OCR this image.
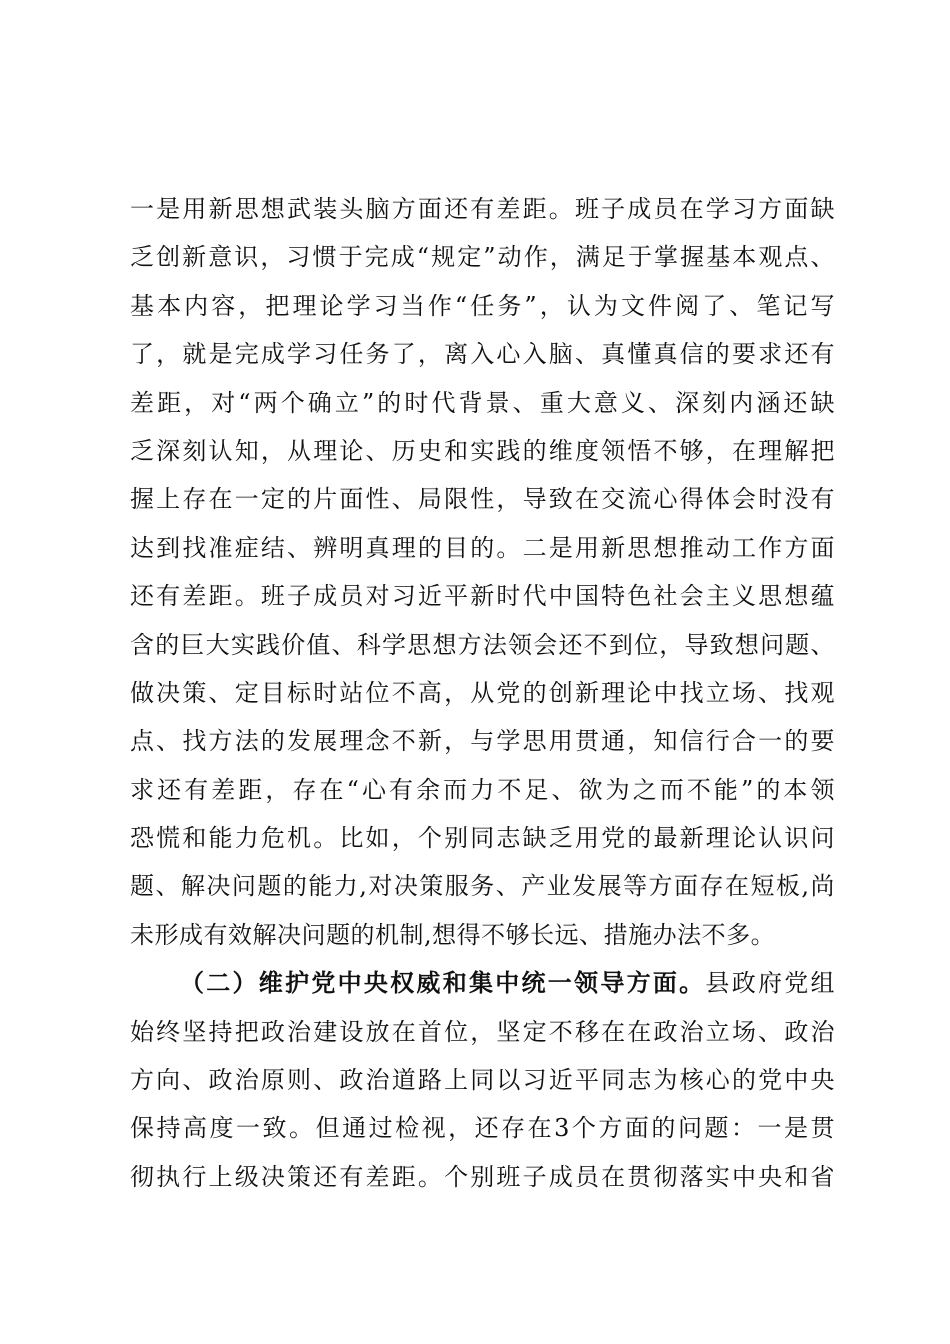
一是用新思想武装头脑方面还有差距。班子成员在学习方面缺
乏创新意识，习惯于完成“规定”动作，满足于掌握基本观点、
基本内容，把理论学习当作“任务”，认为文件阅了、笔记写
了，就是完成学习任务了，离入心入脑、真懂真信的要求还有
差距，对“两个确立”的时代背景、重大意义、深刻内涵还缺
乏深刻认知，从理论、历史和实践的维度领悟不够，在理解把
握上存在一定的片面性、局限性，导致在交流心得体会时没有
达到找准症结、辨明真理的目的。二是用新思想推动工作方面
还有差距。班子成员对习近平新时代中国特色社会主义思想蕴
含的巨大实践价值、科学思想方法领会还不到位，导致想问题、
做决策、定目标时站位不高，从党的创新理论中找立场、找观
点、找方法的发展理念不新，与学思用贯通，知信行合一的要
求还有差距，存在“心有余而力不足、欲为之而不能”的本领
恐慌和能力危机。比如，个别同志缺乏用党的最新理论认识问
题、解决问题的能力,对决策服务、产业发展等方面存在短板,尚
未形成有效解决问题的机制,想得不够长远、措施办法不多。
（二）维护党中央权威和集中统一领导方面。县政府党组
始终坚持把政治建设放在首位，坚定不移在在政治立场、政治
方向、政治原则、政治道路上同以习近平同志为核心的党中央
保持高度一致。但通过检视，还存在3个方面的问题：一是贯
彻执行上级决策还有差距。个别班子成员在贯彻落实中央和省
